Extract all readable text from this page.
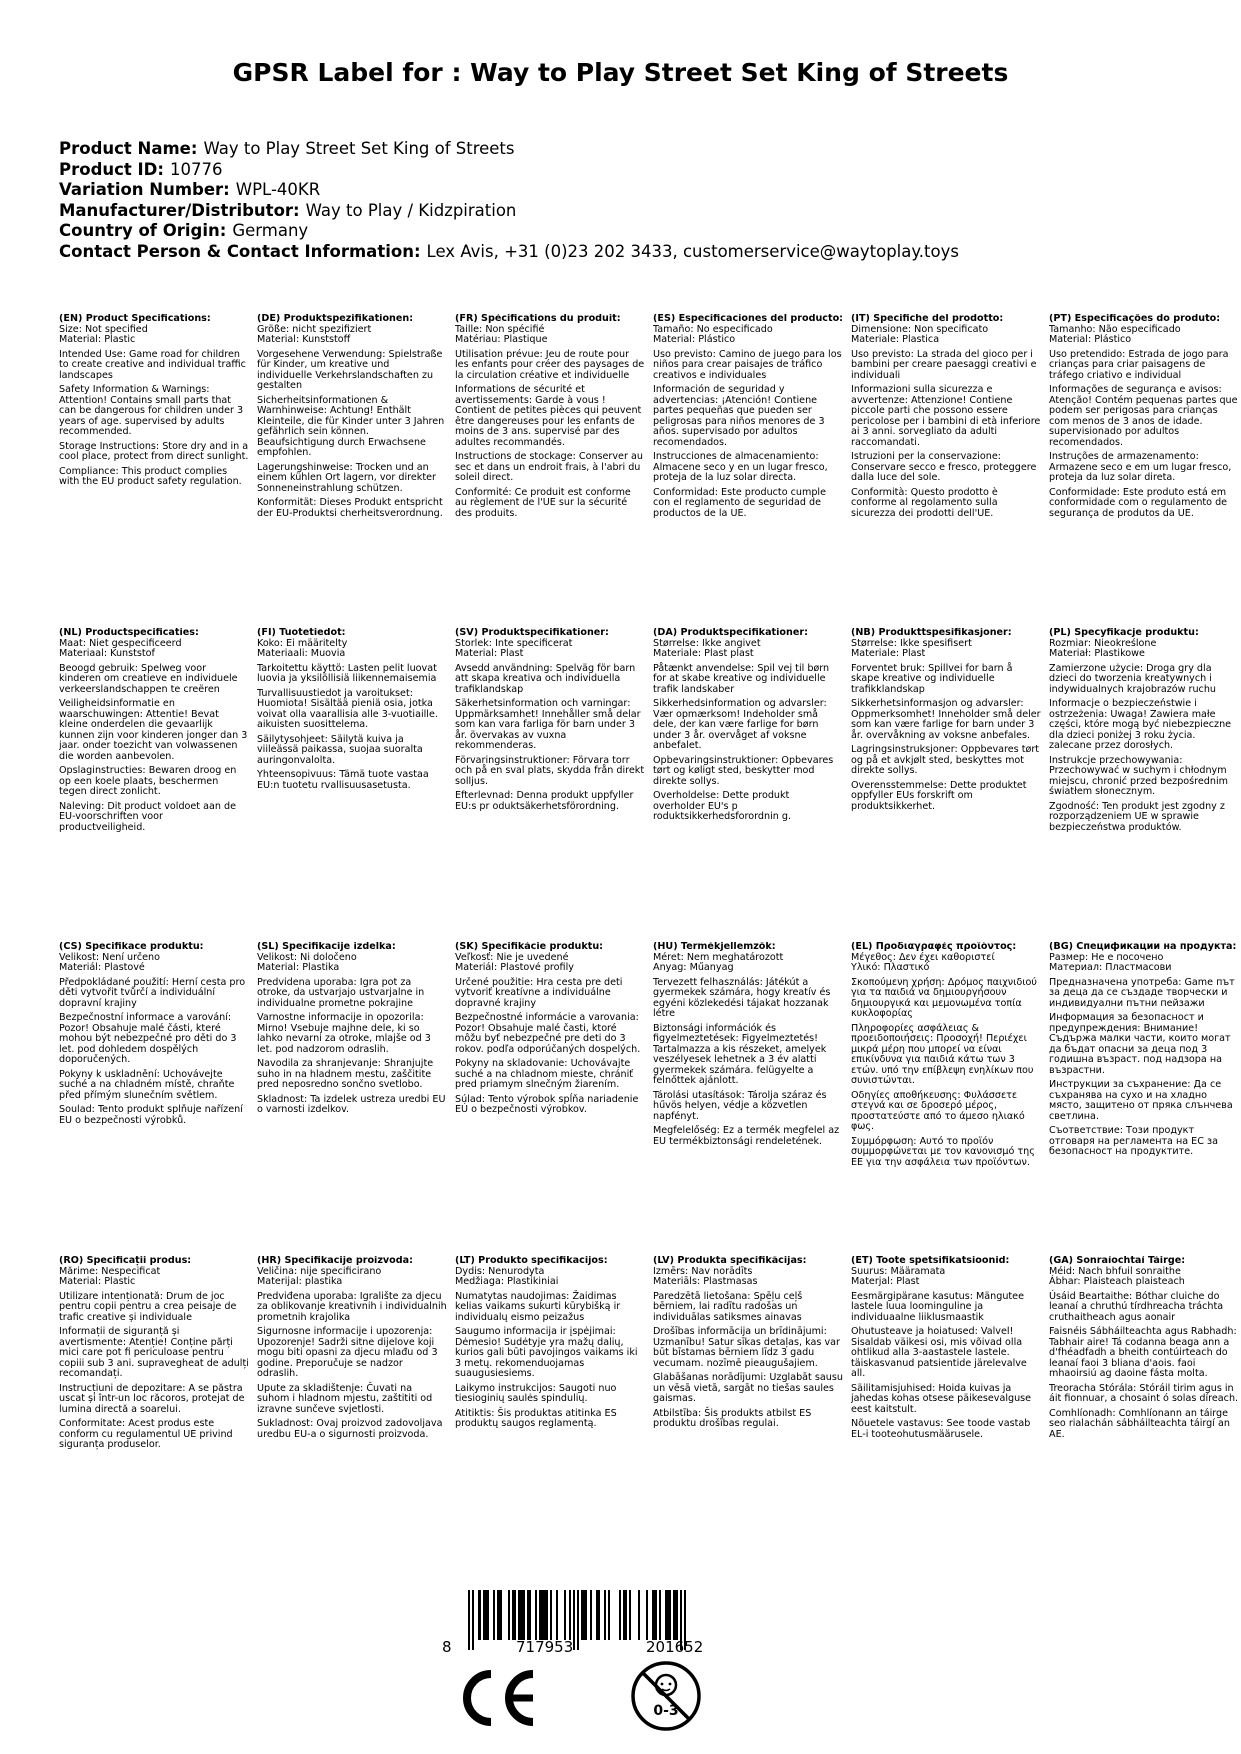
GPSR Label for : Way to Play Street Set King of Streets
Product Name: Way to Play Street Set King of Streets
Product ID: 10776
Variation Number: WPL-40KR
Manufacturer/Distributor: Way to Play / Kidzpiration
Country of Origin: Germany
Contact Person & Contact Information: Lex Avis, +31 (0)23 202 3433, customerservice@waytoplay.toys
(EN) Product Specifications:
Size: Not specified
Material: Plastic
Intended Use: Game road for children to create creative and individual traffic landscapes
Safety Information & Warnings: Attention! Contains small parts that can be dangerous for children under 3 years of age. supervised by adults recommended.
Storage Instructions: Store dry and in a cool place, protect from direct sunlight.
Compliance: This product complies with the EU product safety regulation.
(DE) Produktspezifikationen:
Größe: nicht spezifiziert
Material: Kunststoff
Vorgesehene Verwendung: Spielstraße für Kinder, um kreative und individuelle Verkehrslandschaften zu gestalten
Sicherheitsinformationen & Warnhinweise: Achtung! Enthält Kleinteile, die für Kinder unter 3 Jahren gefährlich sein können. Beaufsichtigung durch Erwachsene empfohlen.
Lagerungshinweise: Trocken und an einem kühlen Ort lagern, vor direkter Sonneneinstrahlung schützen.
Konformität: Dieses Produkt entspricht der EU-Produktsi cherheitsverordnung.
(FR) Spécifications du produit:
Taille: Non spécifié
Matériau: Plastique
Utilisation prévue: Jeu de route pour les enfants pour créer des paysages de la circulation créative et individuelle
Informations de sécurité et avertissements: Garde à vous ! Contient de petites pièces qui peuvent être dangereuses pour les enfants de moins de 3 ans. supervisé par des adultes recommandés.
Instructions de stockage: Conserver au sec et dans un endroit frais, à l'abri du soleil direct.
Conformité: Ce produit est conforme au règlement de l'UE sur la sécurité des produits.
(ES) Especificaciones del producto:
Tamaño: No especificado
Material: Plástico
Uso previsto: Camino de juego para los niños para crear paisajes de tráfico creativos e individuales
Información de seguridad y advertencias: ¡Atención! Contiene partes pequeñas que pueden ser peligrosas para niños menores de 3 años. supervisado por adultos recomendados.
Instrucciones de almacenamiento: Almacene seco y en un lugar fresco, proteja de la luz solar directa.
Conformidad: Este producto cumple con el reglamento de seguridad de productos de la UE.
(IT) Specifiche del prodotto:
Dimensione: Non specificato
Materiale: Plastica
Uso previsto: La strada del gioco per i bambini per creare paesaggi creativi e individuali
Informazioni sulla sicurezza e avvertenze: Attenzione! Contiene piccole parti che possono essere pericolose per i bambini di età inferiore ai 3 anni. sorvegliato da adulti raccomandati.
Istruzioni per la conservazione: Conservare secco e fresco, proteggere dalla luce del sole.
Conformità: Questo prodotto è conforme al regolamento sulla sicurezza dei prodotti dell'UE.
(PT) Especificações do produto:
Tamanho: Não especificado
Material: Plástico
Uso pretendido: Estrada de jogo para crianças para criar paisagens de tráfego criativo e individual
Informações de segurança e avisos: Atenção! Contém pequenas partes que podem ser perigosas para crianças com menos de 3 anos de idade. supervisionado por adultos recomendados.
Instruções de armazenamento: Armazene seco e em um lugar fresco, proteja da luz solar direta.
Conformidade: Este produto está em conformidade com o regulamento de segurança de produtos da UE.
(NL) Productspecificaties:
Maat: Niet gespecificeerd
Materiaal: Kunststof
Beoogd gebruik: Spelweg voor kinderen om creatieve en individuele verkeerslandschappen te creëren
Veiligheidsinformatie en waarschuwingen: Attentie! Bevat kleine onderdelen die gevaarlijk kunnen zijn voor kinderen jonger dan 3 jaar. onder toezicht van volwassenen die worden aanbevolen.
Opslaginstructies: Bewaren droog en op een koele plaats, beschermen tegen direct zonlicht.
Naleving: Dit product voldoet aan de EU-voorschriften voor productveiligheid.
(FI) Tuotetiedot:
Koko: Ei määritelty
Materiaali: Muovia
Tarkoitettu käyttö: Lasten pelit luovat luovia ja yksilöllisiä liikennemaisemia
Turvallisuustiedot ja varoitukset: Huomiota! Sisältää pieniä osia, jotka voivat olla vaarallisia alle 3-vuotiaille. aikuisten suosittelema.
Säilytysohjeet: Säilytä kuiva ja viileässä paikassa, suojaa suoralta auringonvalolta.
Yhteensopivuus: Tämä tuote vastaa EU:n tuotetu rvallisuusasetusta.
(SV) Produktspecifikationer:
Storlek: Inte specificerat
Material: Plast
Avsedd användning: Spelväg för barn att skapa kreativa och individuella trafiklandskap
Säkerhetsinformation och varningar: Uppmärksamhet! Innehåller små delar som kan vara farliga för barn under 3 år. övervakas av vuxna rekommenderas.
Förvaringsinstruktioner: Förvara torr och på en sval plats, skydda från direkt solljus.
Efterlevnad: Denna produkt uppfyller EU:s pr oduktsäkerhetsförordning.
(DA) Produktspecifikationer:
Størrelse: Ikke angivet
Materiale: Plast plast
Påtænkt anvendelse: Spil vej til børn for at skabe kreative og individuelle trafik landskaber
Sikkerhedsinformation og advarsler: Vær opmærksom! Indeholder små dele, der kan være farlige for børn under 3 år. overvåget af voksne anbefalet.
Opbevaringsinstruktioner: Opbevares tørt og køligt sted, beskytter mod direkte sollys.
Overholdelse: Dette produkt overholder EU's p roduktsikkerhedsforordnin g.
(NB) Produkttspesifikasjoner:
Størrelse: Ikke spesifisert
Materiale: Plast
Forventet bruk: Spillvei for barn å skape kreative og individuelle trafikklandskap
Sikkerhetsinformasjon og advarsler: Oppmerksomhet! Inneholder små deler som kan være farlige for barn under 3 år. overvåkning av voksne anbefales.
Lagringsinstruksjoner: Oppbevares tørt og på et avkjølt sted, beskyttes mot direkte sollys.
Overensstemmelse: Dette produktet oppfyller EUs forskrift om produktsikkerhet.
(PL) Specyfikacje produktu:
Rozmiar: Nieokreślone
Materiał: Plastikowe
Zamierzone użycie: Droga gry dla dzieci do tworzenia kreatywnych i indywidualnych krajobrazów ruchu
Informacje o bezpieczeństwie i ostrzeżenia: Uwaga! Zawiera małe części, które mogą być niebezpieczne dla dzieci poniżej 3 roku życia. zalecane przez dorosłych.
Instrukcje przechowywania: Przechowywać w suchym i chłodnym miejscu, chronić przed bezpośrednim światłem słonecznym.
Zgodność: Ten produkt jest zgodny z rozporządzeniem UE w sprawie bezpieczeństwa produktów.
(CS) Specifikace produktu:
Velikost: Není určeno
Materiál: Plastové
Předpokládané použití: Herní cesta pro děti vytvořit tvůrčí a individuální dopravní krajiny
Bezpečnostní informace a varování: Pozor! Obsahuje malé části, které mohou být nebezpečné pro děti do 3 let. pod dohledem dospělých doporučených.
Pokyny k uskladnění: Uchovávejte suché a na chladném místě, chraňte před přímým slunečním světlem.
Soulad: Tento produkt splňuje nařízení EU o bezpečnosti výrobků.
(SL) Specifikacije izdelka:
Velikost: Ni določeno
Material: Plastika
Predvidena uporaba: Igra pot za otroke, da ustvarjajo ustvarjalne in individualne prometne pokrajine
Varnostne informacije in opozorila: Mirno! Vsebuje majhne dele, ki so lahko nevarni za otroke, mlajše od 3 let. pod nadzorom odraslih.
Navodila za shranjevanje: Shranjujte suho in na hladnem mestu, zaščitite pred neposredno sončno svetlobo.
Skladnost: Ta izdelek ustreza uredbi EU o varnosti izdelkov.
(SK) Špecifikácie produktu:
Veľkosť: Nie je uvedené
Materiál: Plastové profily
Určené použitie: Hra cesta pre deti vytvoriť kreatívne a individuálne dopravné krajiny
Bezpečnostné informácie a varovania: Pozor! Obsahuje malé časti, ktoré môžu byť nebezpečné pre deti do 3 rokov. podľa odporúčaných dospelých.
Pokyny na skladovanie: Uchovávajte suché a na chladnom mieste, chrániť pred priamym slnečným žiarením.
Súlad: Tento výrobok spĺňa nariadenie EÚ o bezpečnosti výrobkov.
(HU) Termékjellemzők:
Méret: Nem meghatározott
Anyag: Műanyag
Tervezett felhasználás: Játékút a gyermekek számára, hogy kreatív és egyéni közlekedési tájakat hozzanak létre
Biztonsági információk és figyelmeztetések: Figyelmeztetés! Tartalmazza a kis részeket, amelyek veszélyesek lehetnek a 3 év alatti gyermekek számára. felügyelte a felnőttek ajánlott.
Tárolási utasítások: Tárolja száraz és hűvös helyen, védje a közvetlen napfényt.
Megfelelőség: Ez a termék megfelel az EU termékbiztonsági rendeletének.
(EL) Προδιαγραφές προϊόντος:
Μέγεθος: Δεν έχει καθοριστεί
Υλικό: Πλαστικό
Σκοπούμενη χρήση: Δρόμος παιχνιδιού για τα παιδιά να δημιουργήσουν δημιουργικά και μεμονωμένα τοπία κυκλοφορίας
Πληροφορίες ασφάλειας & προειδοποιήσεις: Προσοχή! Περιέχει μικρά μέρη που μπορεί να είναι επικίνδυνα για παιδιά κάτω των 3 ετών. υπό την επίβλεψη ενηλίκων που συνιστώνται.
Οδηγίες αποθήκευσης: Φυλάσσετε στεγνά και σε δροσερό μέρος, προστατεύστε από το άμεσο ηλιακό φως.
Συμμόρφωση: Αυτό το προϊόν συμμορφώνεται με τον κανονισμό της ΕΕ για την ασφάλεια των προϊόντων.
(BG) Спецификации на продукта:
Размер: Не е посочено
Материал: Пластмасови
Предназначена употреба: Game път за деца да се създаде творчески и индивидуални пътни пейзажи
Информация за безопасност и предупреждения: Внимание! Съдържа малки части, които могат да бъдат опасни за деца под 3 годишна възраст. под надзора на възрастни.
Инструкции за съхранение: Да се съхранява на сухо и на хладно място, защитено от пряка слънчева светлина.
Съответствие: Този продукт отговаря на регламента на ЕС за безопасност на продуктите.
(RO) Specificații produs:
Mărime: Nespecificat
Material: Plastic
Utilizare intenționată: Drum de joc pentru copii pentru a crea peisaje de trafic creative și individuale
Informații de siguranță și avertismente: Atenție! Conține părți mici care pot fi periculoase pentru copiii sub 3 ani. supravegheat de adulți recomandați.
Instrucțiuni de depozitare: A se păstra uscat și într-un loc răcoros, protejat de lumina directă a soarelui.
Conformitate: Acest produs este conform cu regulamentul UE privind siguranța produselor.
(HR) Specifikacije proizvoda:
Veličina: nije specificirano
Materijal: plastika
Predviđena uporaba: Igralište za djecu za oblikovanje kreativnih i individualnih prometnih krajolika
Sigurnosne informacije i upozorenja: Upozorenje! Sadrži sitne dijelove koji mogu biti opasni za djecu mlađu od 3 godine. Preporučuje se nadzor odraslih.
Upute za skladištenje: Čuvati na suhom i hladnom mjestu, zaštititi od izravne sunčeve svjetlosti.
Sukladnost: Ovaj proizvod zadovoljava uredbu EU-a o sigurnosti proizvoda.
(LT) Produkto specifikacijos:
Dydis: Nenurodyta
Medžiaga: Plastikiniai
Numatytas naudojimas: Žaidimas kelias vaikams sukurti kūrybišką ir individualų eismo peizažus
Saugumo informacija ir įspėjimai: Dėmesio! Sudėtyje yra mažų dalių, kurios gali būti pavojingos vaikams iki 3 metų. rekomenduojamas suaugusiesiems.
Laikymo instrukcijos: Saugoti nuo tiesioginių saulės spindulių.
Atitiktis: Šis produktas atitinka ES produktų saugos reglamentą.
(LV) Produkta specifikācijas:
Izmērs: Nav norādīts
Materiāls: Plastmasas
Paredzētā lietošana: Spēļu ceļš bērniem, lai radītu radošas un individuālas satiksmes ainavas
Drošības informācija un brīdinājumi: Uzmanību! Satur sīkas detaļas, kas var būt bīstamas bērniem līdz 3 gadu vecumam. nozīmē pieaugušajiem.
Glabāšanas norādījumi: Uzglabāt sausu un vēsā vietā, sargāt no tiešas saules gaismas.
Atbilstība: Šis produkts atbilst ES produktu drošības regulai.
(ET) Toote spetsifikatsioonid:
Suurus: Määramata
Materjal: Plast
Eesmärgipärane kasutus: Mängutee lastele luua loominguline ja individuaalne liiklusmaastik
Ohutusteave ja hoiatused: Valvel! Sisaldab väikesi osi, mis võivad olla ohtlikud alla 3-aastastele lastele. täiskasvanud patsientide järelevalve all.
Säilitamisjuhised: Hoida kuivas ja jahedas kohas otsese päikesevalguse eest kaitstult.
Nõuetele vastavus: See toode vastab EL-i tooteohutusmäärusele.
(GA) Sonraíochtaí Táirge:
Méid: Nach bhfuil sonraithe
Ábhar: Plaisteach plaisteach
Úsáid Beartaithe: Bóthar cluiche do leanaí a chruthú tírdhreacha tráchta cruthaitheach agus aonair
Faisnéis Sábháilteachta agus Rabhadh: Tabhair aire! Tá codanna beaga ann a d'fhéadfadh a bheith contúirteach do leanaí faoi 3 bliana d'aois. faoi mhaoirsiú ag daoine fásta molta.
Treoracha Stórála: Stóráil tirim agus in áit fionnuar, a chosaint ó solas díreach.
Comhlíonadh: Comhlíonann an táirge seo rialachán sábháilteachta táirgí an AE.
8	717953	201652
0-3
